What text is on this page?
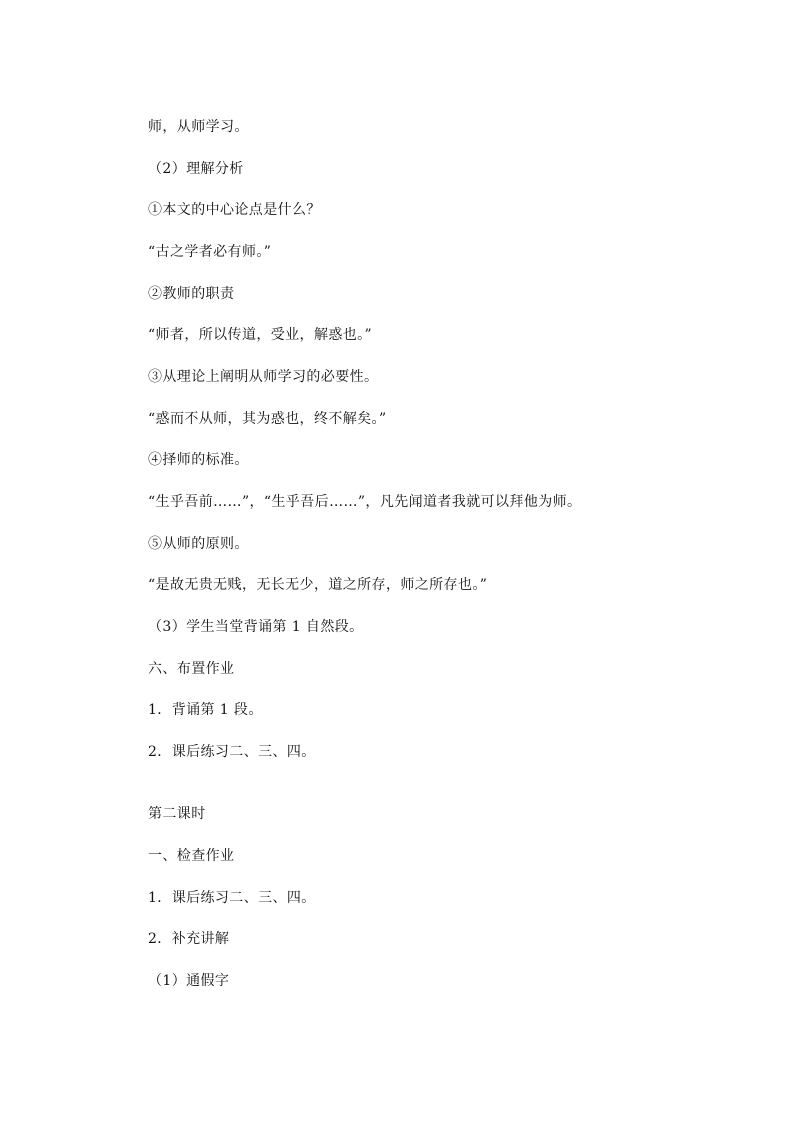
师，从师学习。
（2）理解分析
①本文的中心论点是什么？
“古之学者必有师。”
②教师的职责
“师者，所以传道，受业，解惑也。”
③从理论上阐明从师学习的必要性。
“惑而不从师，其为惑也，终不解矣。”
④择师的标准。
“生乎吾前……”，“生乎吾后……”，凡先闻道者我就可以拜他为师。
⑤从师的原则。
“是故无贵无贱，无长无少，道之所存，师之所存也。”
（3）学生当堂背诵第 1 自然段。
六、布置作业
1．背诵第 1 段。
2．课后练习二、三、四。
第二课时
一、检查作业
1．课后练习二、三、四。
2．补充讲解
（1）通假字
